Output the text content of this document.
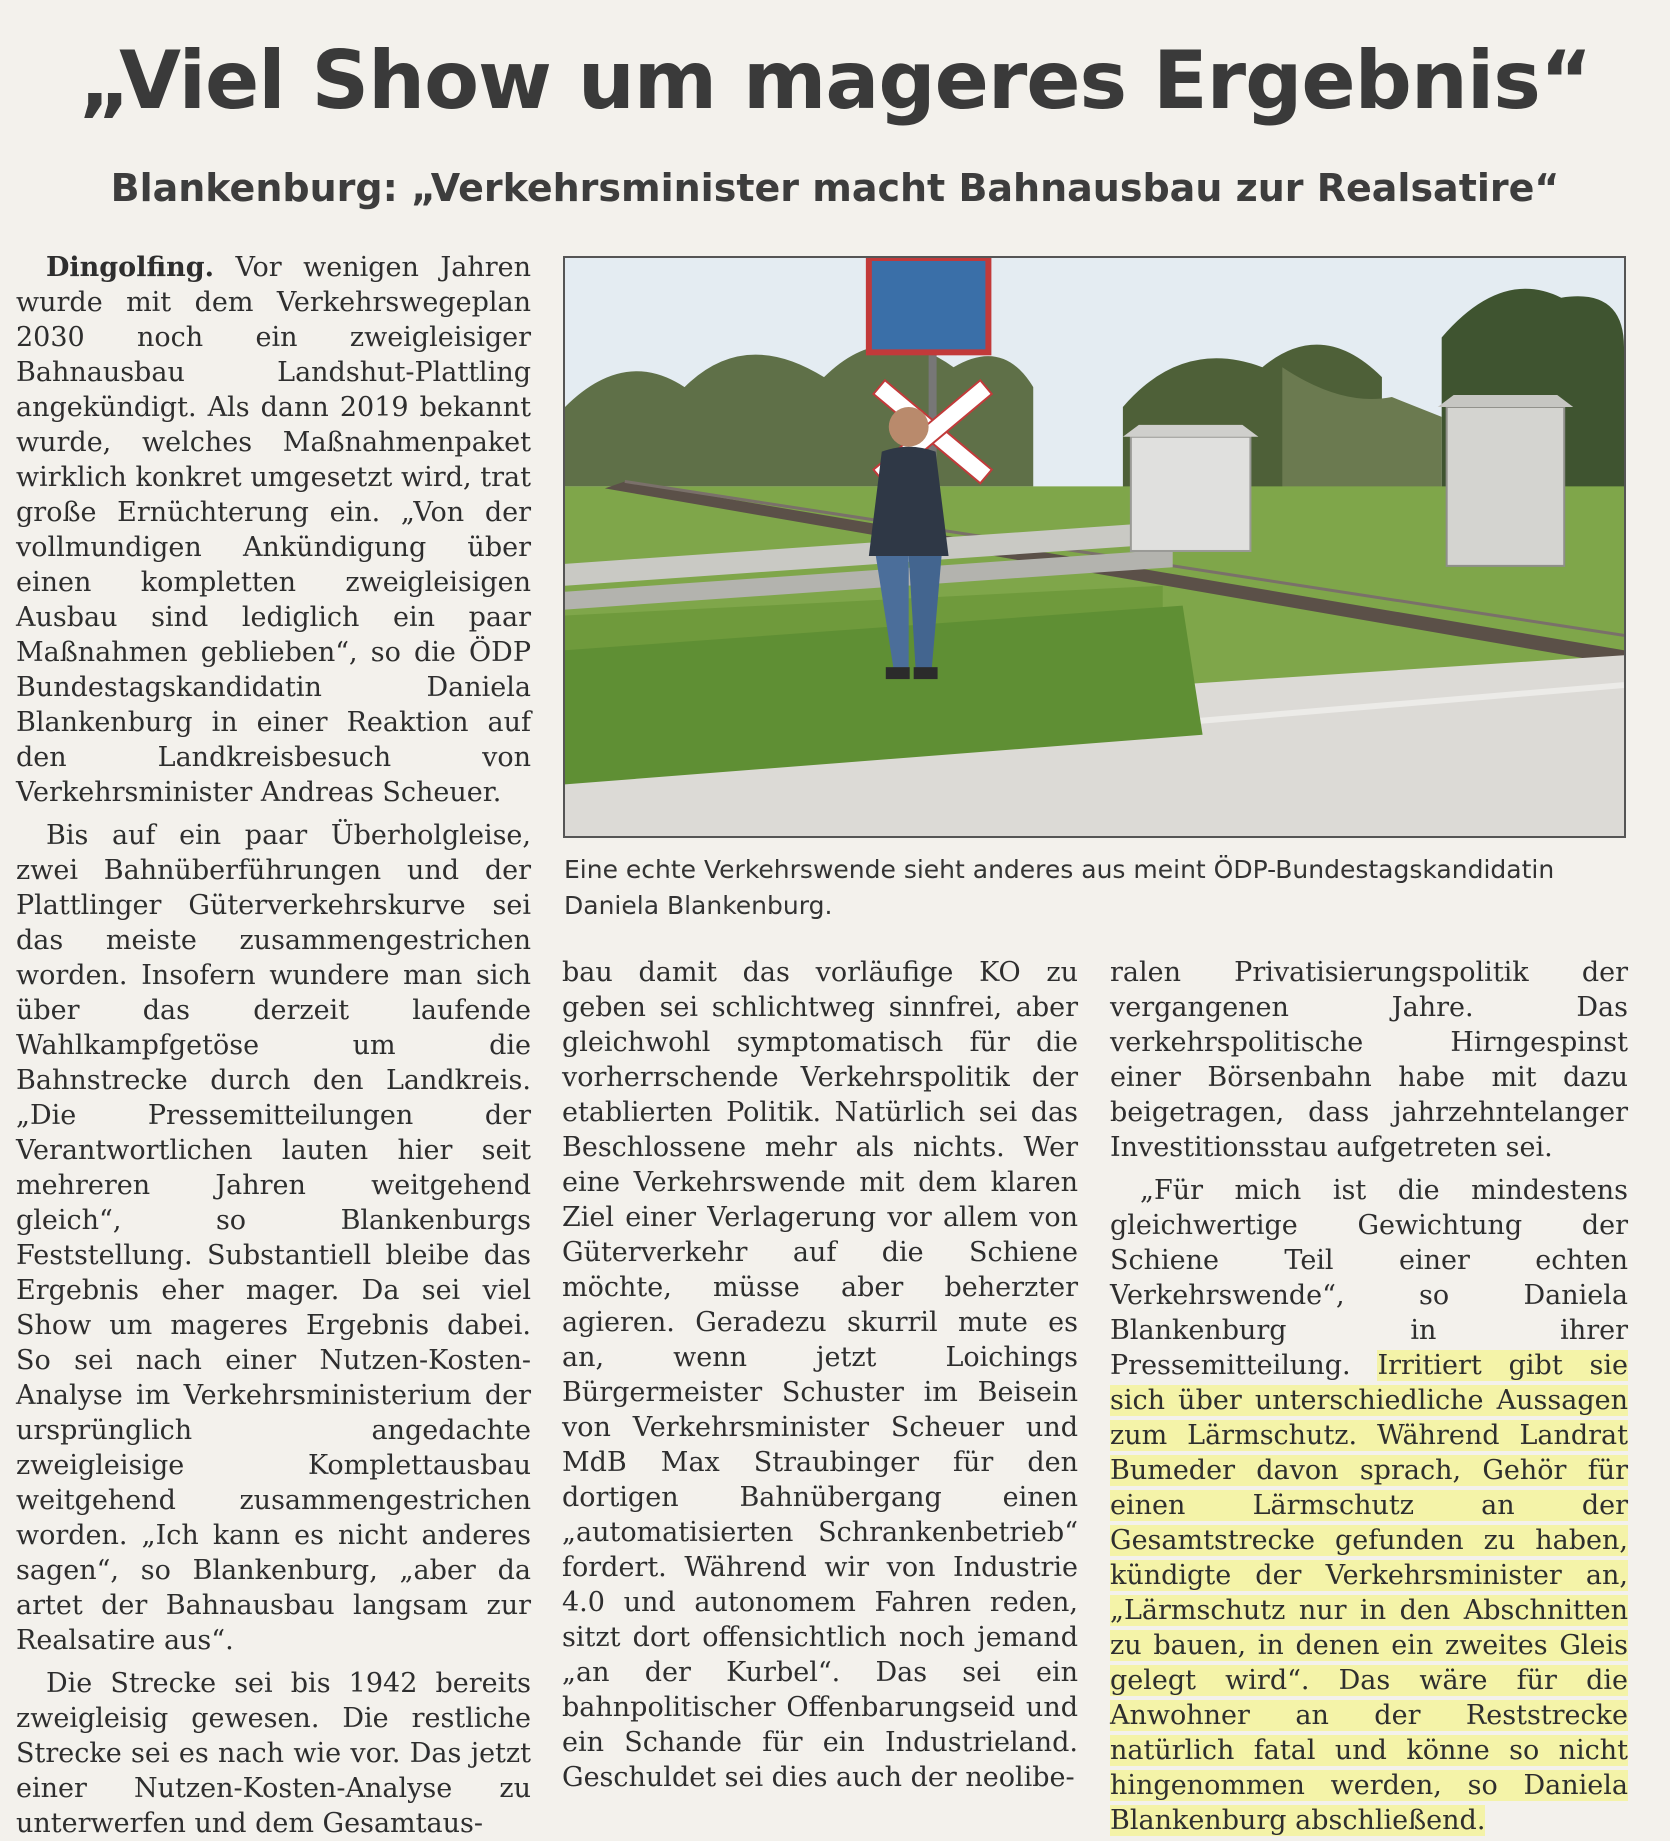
„Viel Show um mageres Ergebnis“
Blankenburg: „Verkehrsminister macht Bahnausbau zur Realsatire“

Dingolfing. Vor wenigen Jahren wurde mit dem Verkehrswegeplan 2030 noch ein zweigleisiger Bahnausbau Landshut-Plattling angekündigt. Als dann 2019 bekannt wurde, welches Maßnahmenpaket wirklich konkret umgesetzt wird, trat große Ernüchterung ein. „Von der vollmundigen Ankündigung über einen kompletten zweigleisigen Ausbau sind lediglich ein paar Maßnahmen geblieben“, so die ÖDP Bundestagskandidatin Daniela Blankenburg in einer Reaktion auf den Landkreisbesuch von Verkehrsminister Andreas Scheuer.

Bis auf ein paar Überholgleise, zwei Bahnüberführungen und der Plattlinger Güterverkehrskurve sei das meiste zusammengestrichen worden. Insofern wundere man sich über das derzeit laufende Wahlkampfgetöse um die Bahnstrecke durch den Landkreis. „Die Pressemitteilungen der Verantwortlichen lauten hier seit mehreren Jahren weitgehend gleich“, so Blankenburgs Feststellung. Substantiell bleibe das Ergebnis eher mager. Da sei viel Show um mageres Ergebnis dabei. So sei nach einer Nutzen-Kosten-Analyse im Verkehrsministerium der ursprünglich angedachte zweigleisige Komplettausbau weitgehend zusammengestrichen worden. „Ich kann es nicht anderes sagen“, so Blankenburg, „aber da artet der Bahnausbau langsam zur Realsatire aus“.

Die Strecke sei bis 1942 bereits zweigleisig gewesen. Die restliche Strecke sei es nach wie vor. Das jetzt einer Nutzen-Kosten-Analyse zu unterwerfen und dem Gesamtaus-

Eine echte Verkehrswende sieht anderes aus meint ÖDP-Bundestagskandidatin Daniela Blankenburg.

bau damit das vorläufige KO zu geben sei schlichtweg sinnfrei, aber gleichwohl symptomatisch für die vorherrschende Verkehrspolitik der etablierten Politik. Natürlich sei das Beschlossene mehr als nichts. Wer eine Verkehrswende mit dem klaren Ziel einer Verlagerung vor allem von Güterverkehr auf die Schiene möchte, müsse aber beherzter agieren. Geradezu skurril mute es an, wenn jetzt Loichings Bürgermeister Schuster im Beisein von Verkehrsminister Scheuer und MdB Max Straubinger für den dortigen Bahnübergang einen „automatisierten Schrankenbetrieb“ fordert. Während wir von Industrie 4.0 und autonomem Fahren reden, sitzt dort offensichtlich noch jemand „an der Kurbel“. Das sei ein bahnpolitischer Offenbarungseid und ein Schande für ein Industrieland. Geschuldet sei dies auch der neolibe-

ralen Privatisierungspolitik der vergangenen Jahre. Das verkehrspolitische Hirngespinst einer Börsenbahn habe mit dazu beigetragen, dass jahrzehntelanger Investitionsstau aufgetreten sei.

„Für mich ist die mindestens gleichwertige Gewichtung der Schiene Teil einer echten Verkehrswende“, so Daniela Blankenburg in ihrer Pressemitteilung. Irritiert gibt sie sich über unterschiedliche Aussagen zum Lärmschutz. Während Landrat Bumeder davon sprach, Gehör für einen Lärmschutz an der Gesamtstrecke gefunden zu haben, kündigte der Verkehrsminister an, „Lärmschutz nur in den Abschnitten zu bauen, in denen ein zweites Gleis gelegt wird“. Das wäre für die Anwohner an der Reststrecke natürlich fatal und könne so nicht hingenommen werden, so Daniela Blankenburg abschließend.
